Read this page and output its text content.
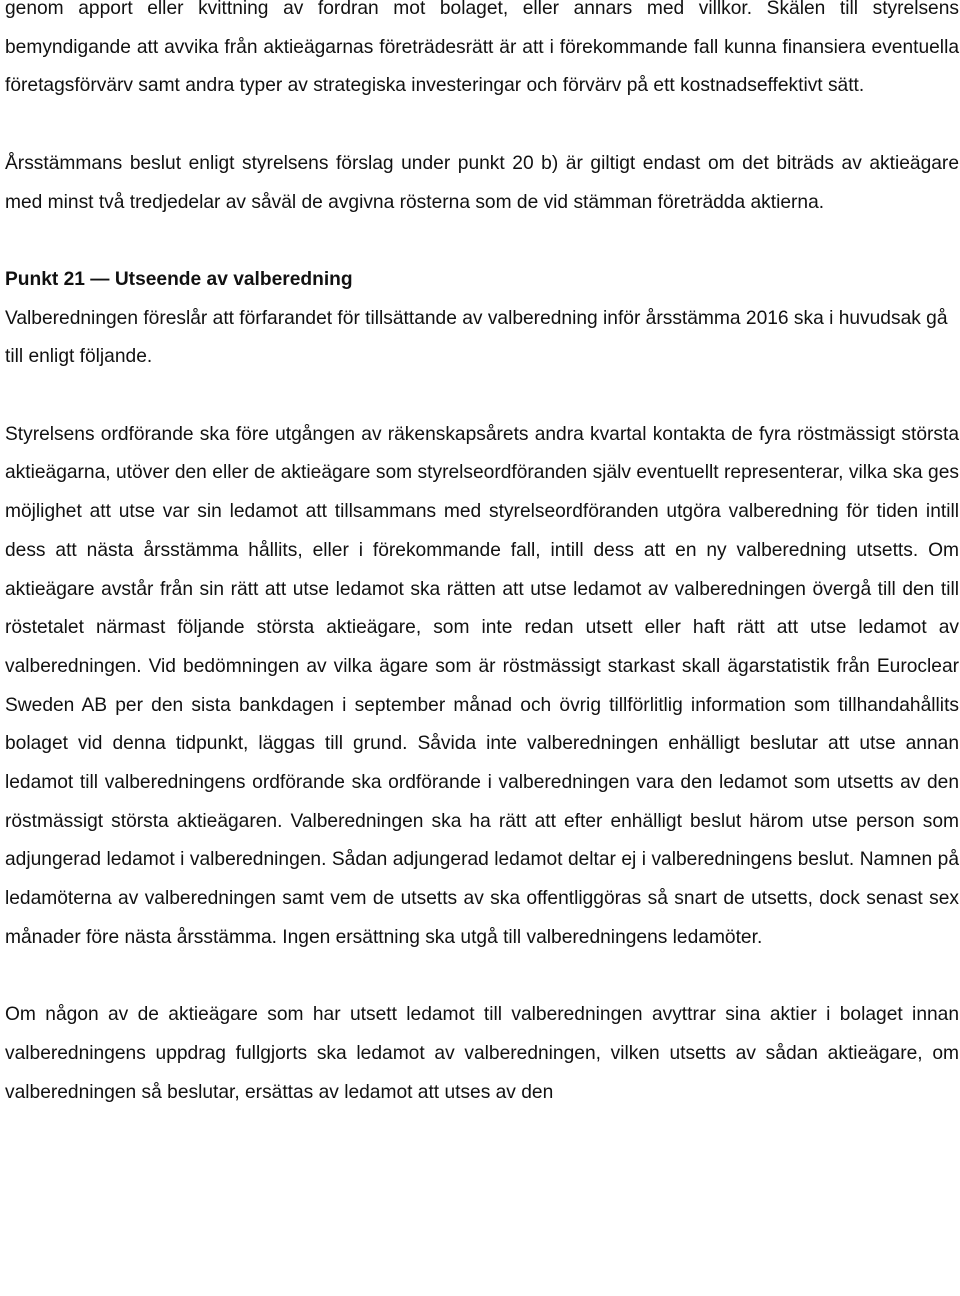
genom apport eller kvittning av fordran mot bolaget, eller annars med villkor. Skälen till styrelsens bemyndigande att avvika från aktieägarnas företrädesrätt är att i förekommande fall kunna finansiera eventuella företagsförvärv samt andra typer av strategiska investeringar och förvärv på ett kostnadseffektivt sätt.

Årsstämmans beslut enligt styrelsens förslag under punkt 20 b) är giltigt endast om det biträds av aktieägare med minst två tredjedelar av såväl de avgivna rösterna som de vid stämman företrädda aktierna.

Punkt 21 — Utseende av valberedning

Valberedningen föreslår att förfarandet för tillsättande av valberedning inför årsstämma 2016 ska i huvudsak gå till enligt följande.

Styrelsens ordförande ska före utgången av räkenskapsårets andra kvartal kontakta de fyra röstmässigt största aktieägarna, utöver den eller de aktieägare som styrelseordföranden själv eventuellt representerar, vilka ska ges möjlighet att utse var sin ledamot att tillsammans med styrelseordföranden utgöra valberedning för tiden intill dess att nästa årsstämma hållits, eller i förekommande fall, intill dess att en ny valberedning utsetts. Om aktieägare avstår från sin rätt att utse ledamot ska rätten att utse ledamot av valberedningen övergå till den till röstetalet närmast följande största aktieägare, som inte redan utsett eller haft rätt att utse ledamot av valberedningen. Vid bedömningen av vilka ägare som är röstmässigt starkast skall ägarstatistik från Euroclear Sweden AB per den sista bankdagen i september månad och övrig tillförlitlig information som tillhandahållits bolaget vid denna tidpunkt, läggas till grund. Såvida inte valberedningen enhälligt beslutar att utse annan ledamot till valberedningens ordförande ska ordförande i valberedningen vara den ledamot som utsetts av den röstmässigt största aktieägaren. Valberedningen ska ha rätt att efter enhälligt beslut härom utse person som adjungerad ledamot i valberedningen. Sådan adjungerad ledamot deltar ej i valberedningens beslut. Namnen på ledamöterna av valberedningen samt vem de utsetts av ska offentliggöras så snart de utsetts, dock senast sex månader före nästa årsstämma. Ingen ersättning ska utgå till valberedningens ledamöter.

Om någon av de aktieägare som har utsett ledamot till valberedningen avyttrar sina aktier i bolaget innan valberedningens uppdrag fullgjorts ska ledamot av valberedningen, vilken utsetts av sådan aktieägare, om valberedningen så beslutar, ersättas av ledamot att utses av den
